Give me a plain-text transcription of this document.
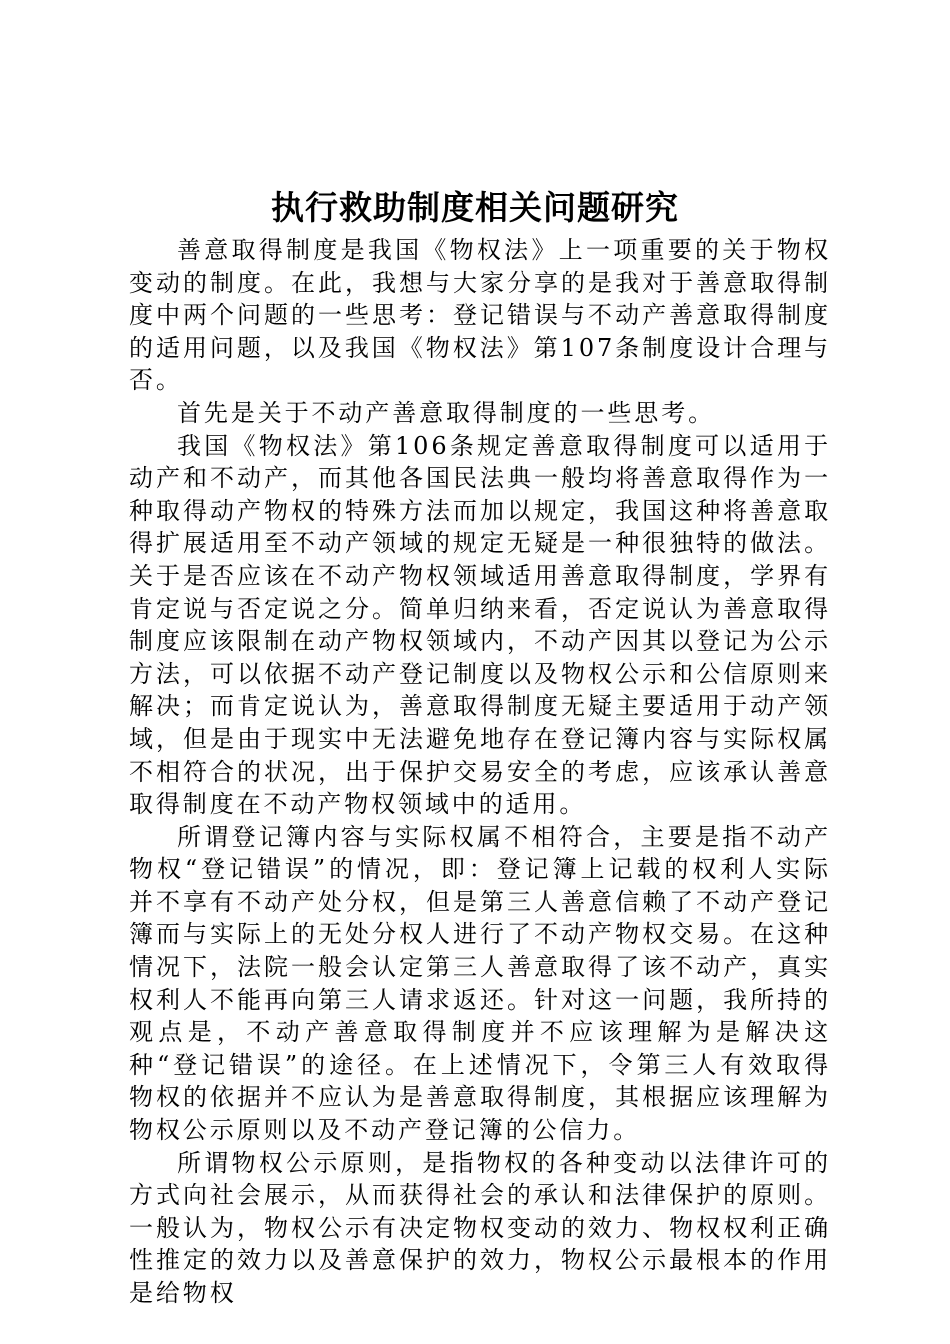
执行救助制度相关问题研究

善意取得制度是我国《物权法》上一项重要的关于物权变动的制度。在此，我想与大家分享的是我对于善意取得制度中两个问题的一些思考：登记错误与不动产善意取得制度的适用问题，以及我国《物权法》第107条制度设计合理与否。

首先是关于不动产善意取得制度的一些思考。

我国《物权法》第106条规定善意取得制度可以适用于动产和不动产，而其他各国民法典一般均将善意取得作为一种取得动产物权的特殊方法而加以规定，我国这种将善意取得扩展适用至不动产领域的规定无疑是一种很独特的做法。关于是否应该在不动产物权领域适用善意取得制度，学界有肯定说与否定说之分。简单归纳来看，否定说认为善意取得制度应该限制在动产物权领域内，不动产因其以登记为公示方法，可以依据不动产登记制度以及物权公示和公信原则来解决；而肯定说认为，善意取得制度无疑主要适用于动产领域，但是由于现实中无法避免地存在登记簿内容与实际权属不相符合的状况，出于保护交易安全的考虑，应该承认善意取得制度在不动产物权领域中的适用。

所谓登记簿内容与实际权属不相符合，主要是指不动产物权“登记错误”的情况，即：登记簿上记载的权利人实际并不享有不动产处分权，但是第三人善意信赖了不动产登记簿而与实际上的无处分权人进行了不动产物权交易。在这种情况下，法院一般会认定第三人善意取得了该不动产，真实权利人不能再向第三人请求返还。针对这一问题，我所持的观点是，不动产善意取得制度并不应该理解为是解决这种“登记错误”的途径。在上述情况下，令第三人有效取得物权的依据并不应认为是善意取得制度，其根据应该理解为物权公示原则以及不动产登记簿的公信力。

所谓物权公示原则，是指物权的各种变动以法律许可的方式向社会展示，从而获得社会的承认和法律保护的原则。一般认为，物权公示有决定物权变动的效力、物权权利正确性推定的效力以及善意保护的效力，物权公示最根本的作用是给物权
